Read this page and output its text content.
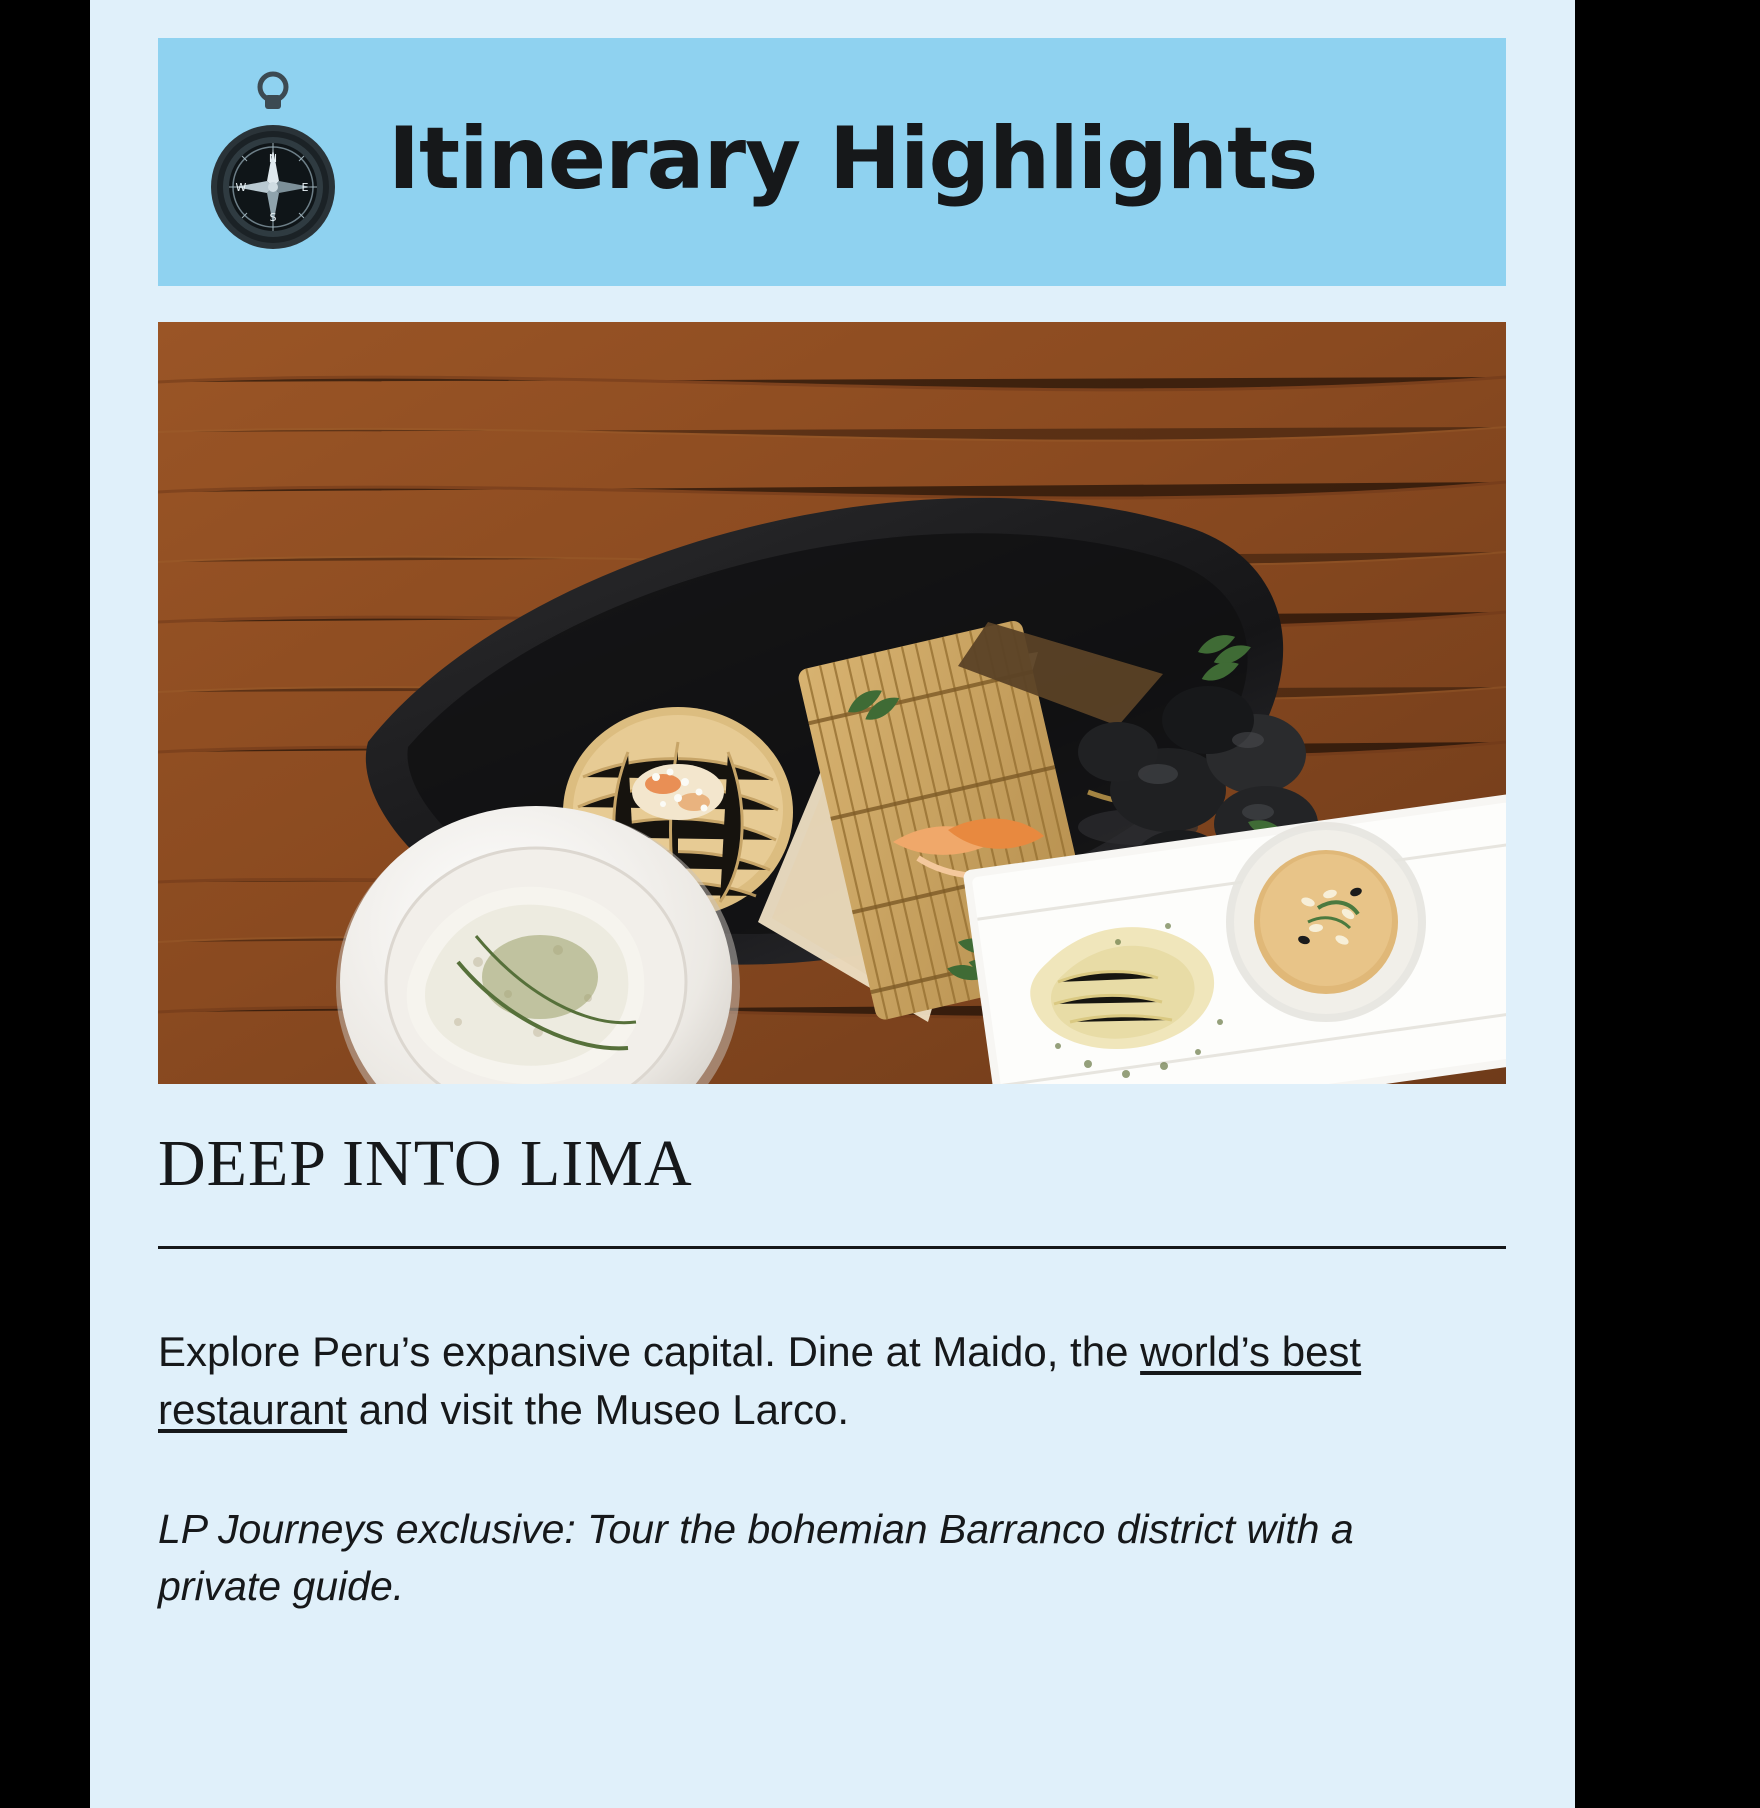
N
S
E
W Itinerary Highlights
DEEP INTO LIMA

Explore Peru’s expansive capital. Dine at Maido, the world’s best restaurant and visit the Museo Larco.

LP Journeys exclusive: Tour the bohemian Barranco district with a private guide.
